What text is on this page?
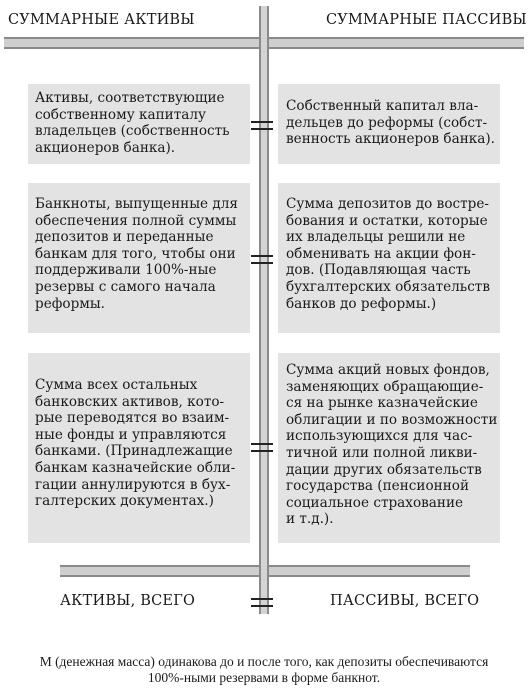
СУММАРНЫЕ АКТИВЫ	СУММАРНЫЕ ПАССИВЫ
Активы, соответствующие
собственному капиталу
владельцев (собственность
акционеров банка).
Собственный капитал вла-
дельцев до реформы (собст-
венность акционеров банка).
Банкноты, выпущенные для
обеспечения полной суммы
депозитов и переданные
банкам для того, чтобы они
поддерживали 100%-ные
резервы с самого начала
реформы.
Сумма депозитов до востре-
бования и остатки, которые
их владельцы решили не
обменивать на акции фон-
дов. (Подавляющая часть
бухгалтерских обязательств
банков до реформы.)
Сумма всех остальных
банковских активов, кото-
рые переводятся во взаим-
ные фонды и управляются
банками. (Принадлежащие
банкам казначейские обли-
гации аннулируются в бух-
галтерских документах.)
Сумма акций новых фондов,
заменяющих обращающие-
ся на рынке казначейские
облигации и по возможности
использующихся для час-
тичной или полной ликви-
дации других обязательств
государства (пенсионной
социальное страхование
и т.д.).
АКТИВЫ, ВСЕГО	ПАССИВЫ, ВСЕГО
М (денежная масса) одинакова до и после того, как депозиты обеспечиваются
100%-ными резервами в форме банкнот.
